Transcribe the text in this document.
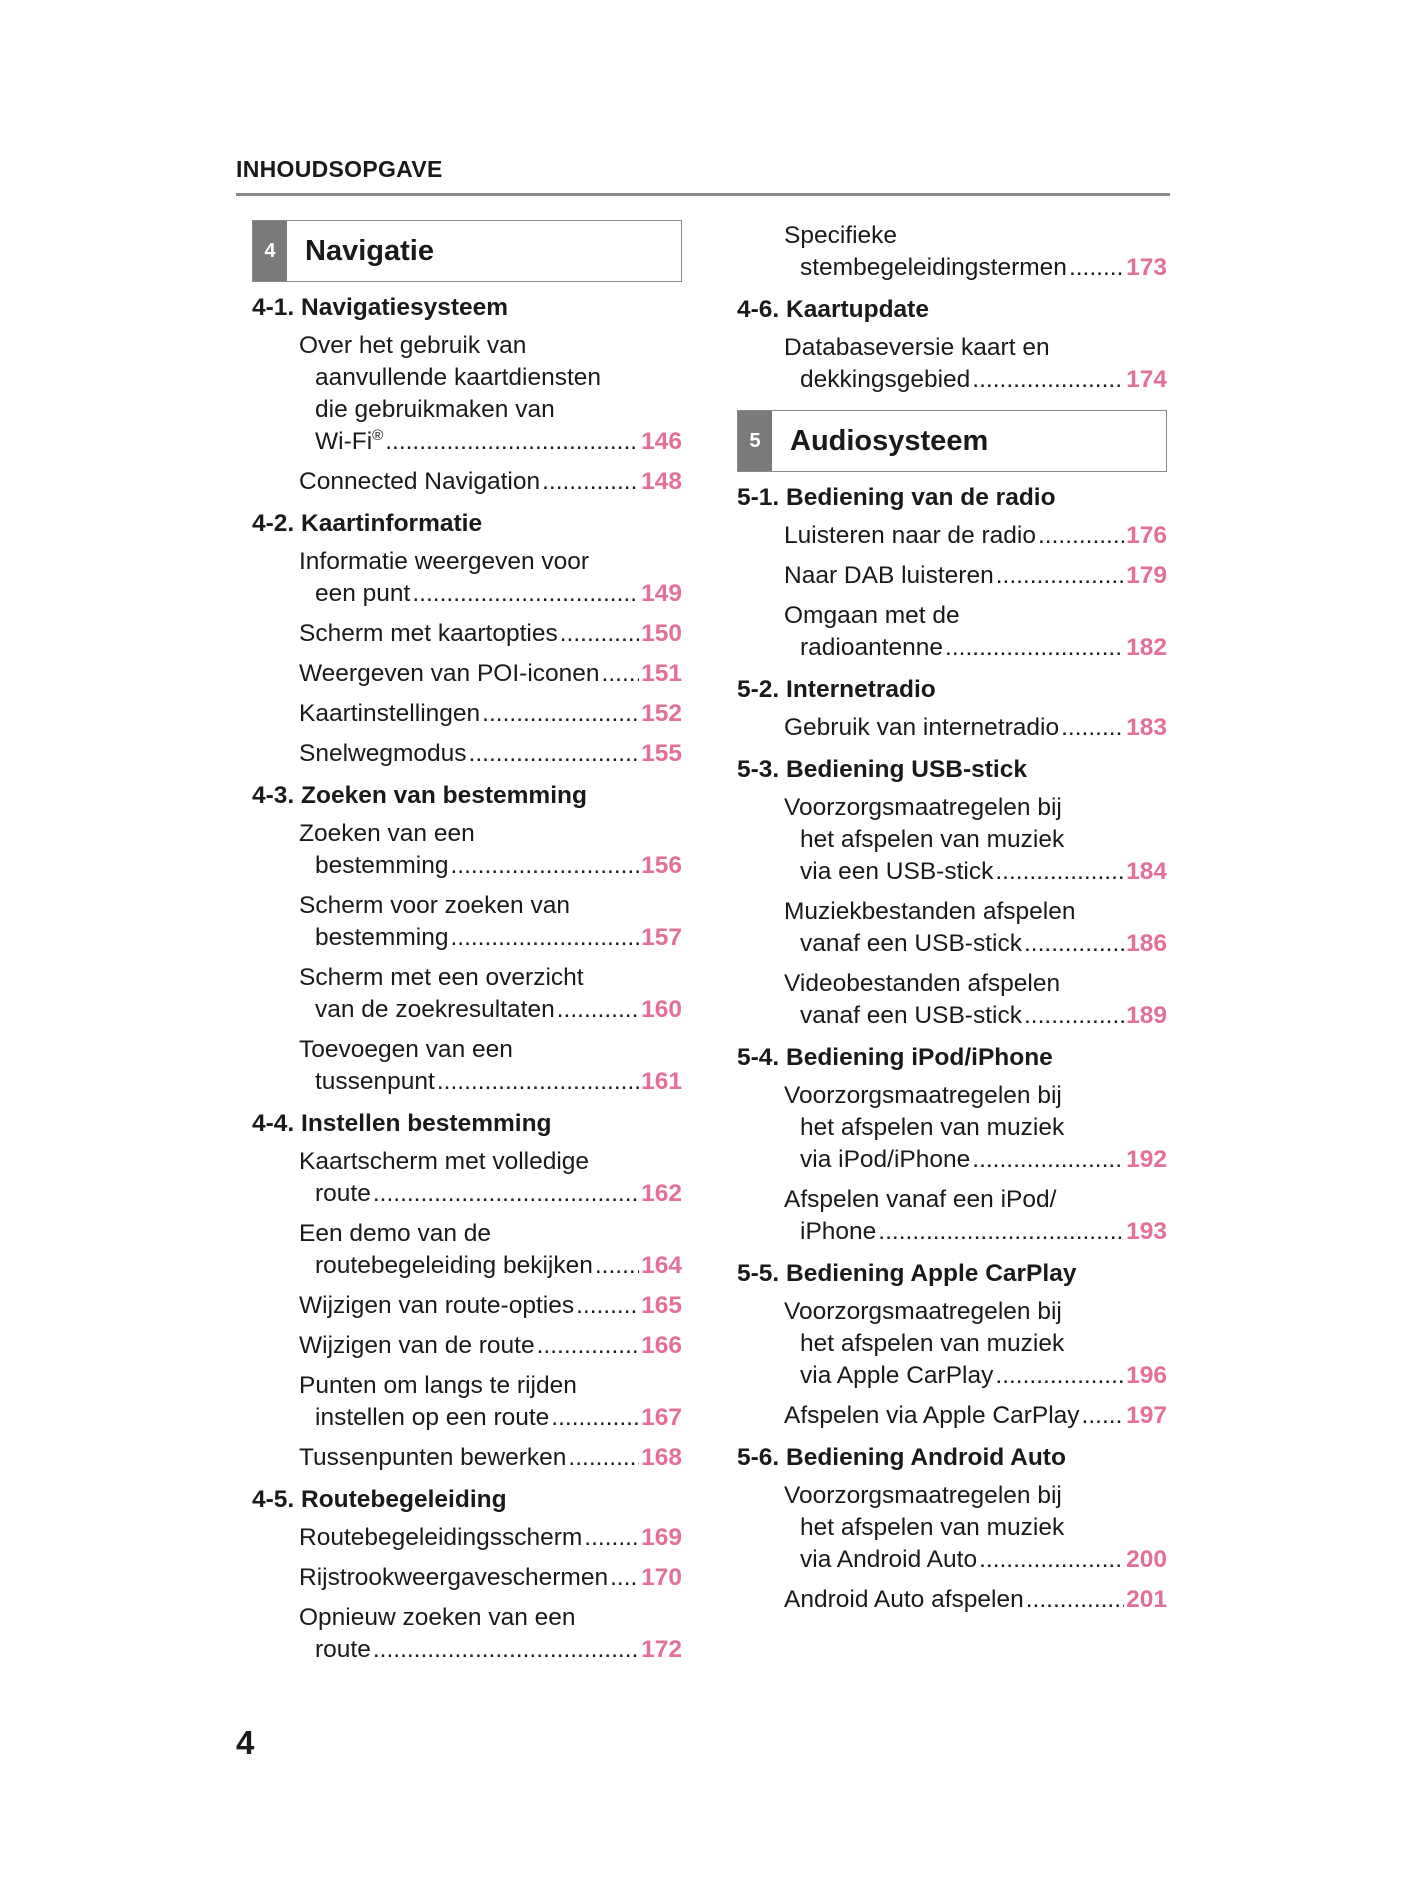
INHOUDSOPGAVE
4	Navigatie
4-1. Navigatiesysteem
Over het gebruik van
aanvullende kaartdiensten
die gebruikmaken van
Wi-Fi® .....	146
Connected Navigation .....	148
4-2. Kaartinformatie
Informatie weergeven voor
een punt .....	149
Scherm met kaartopties .....	150
Weergeven van POI-iconen ..... 151
Kaartinstellingen .....	152
Snelwegmodus .....	155
4-3. Zoeken van bestemming
Zoeken van een
bestemming .....	156
Scherm voor zoeken van
bestemming .....	157
Scherm met een overzicht
van de zoekresultaten .....	160
Toevoegen van een
tussenpunt .....	161
4-4. Instellen bestemming
Kaartscherm met volledige
route .....	162
Een demo van de
routebegeleiding bekijken ..... 164
Wijzigen van route-opties .....	165
Wijzigen van de route .....	166
Punten om langs te rijden
instellen op een route .....	167
Tussenpunten bewerken .....	168
4-5. Routebegeleiding
Routebegeleidingsscherm ..... 169
Rijstrookweergaveschermen ..... 170
Opnieuw zoeken van een
route .....	172
Specifieke
stembegeleidingstermen ..... 173
4-6. Kaartupdate
Databaseversie kaart en
dekkingsgebied .....	174
5	Audiosysteem
5-1. Bediening van de radio
Luisteren naar de radio .....	176
Naar DAB luisteren .....	179
Omgaan met de
radioantenne .....	182
5-2. Internetradio
Gebruik van internetradio .....	183
5-3. Bediening USB-stick
Voorzorgsmaatregelen bij
het afspelen van muziek
via een USB-stick .....	184
Muziekbestanden afspelen
vanaf een USB-stick .....	186
Videobestanden afspelen
vanaf een USB-stick .....	189
5-4. Bediening iPod/iPhone
Voorzorgsmaatregelen bij
het afspelen van muziek
via iPod/iPhone .....	192
Afspelen vanaf een iPod/
iPhone .....	193
5-5. Bediening Apple CarPlay
Voorzorgsmaatregelen bij
het afspelen van muziek
via Apple CarPlay .....	196
Afspelen via Apple CarPlay ..... 197
5-6. Bediening Android Auto
Voorzorgsmaatregelen bij
het afspelen van muziek
via Android Auto .....	200
Android Auto afspelen .....	201
4
